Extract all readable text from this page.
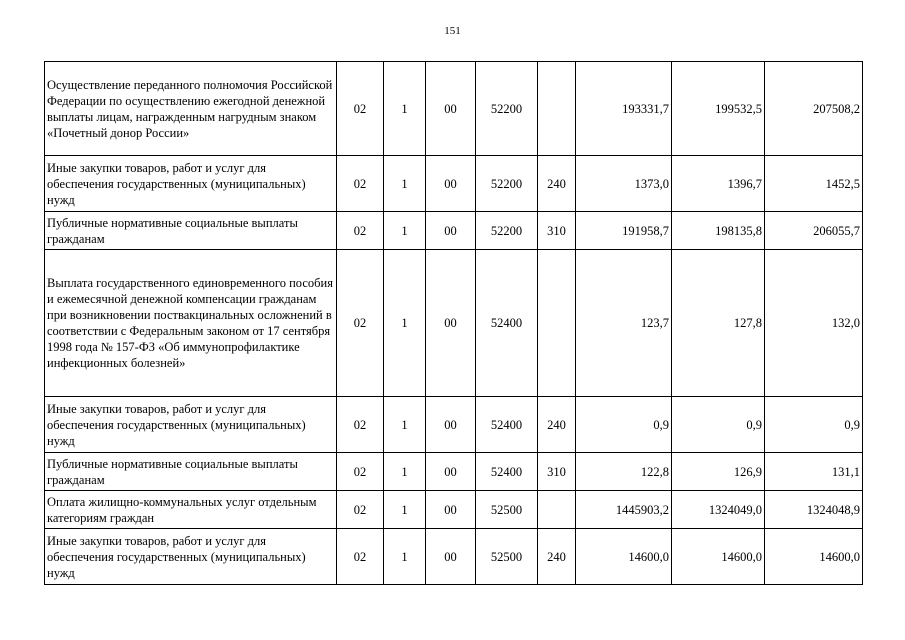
151
Осуществление переданного полномочия Российской Федерации по осуществлению ежегодной денежной выплаты лицам, награжденным нагрудным знаком «Почетный донор России»	02	1	00	52200		193331,7	199532,5	207508,2
Иные закупки товаров, работ и услуг для обеспечения государственных (муниципальных) нужд	02	1	00	52200	240	1373,0	1396,7	1452,5
Публичные нормативные социальные выплаты гражданам	02	1	00	52200	310	191958,7	198135,8	206055,7
Выплата государственного единовременного пособия и ежемесячной денежной компенсации гражданам при возникновении поствакцинальных осложнений в соответствии с Федеральным законом от 17 сентября 1998 года № 157-ФЗ «Об иммунопрофилактике инфекционных болезней»	02	1	00	52400		123,7	127,8	132,0
Иные закупки товаров, работ и услуг для обеспечения государственных (муниципальных) нужд	02	1	00	52400	240	0,9	0,9	0,9
Публичные нормативные социальные выплаты гражданам	02	1	00	52400	310	122,8	126,9	131,1
Оплата жилищно-коммунальных услуг отдельным категориям граждан	02	1	00	52500		1445903,2	1324049,0	1324048,9
Иные закупки товаров, работ и услуг для обеспечения государственных (муниципальных) нужд	02	1	00	52500	240	14600,0	14600,0	14600,0
